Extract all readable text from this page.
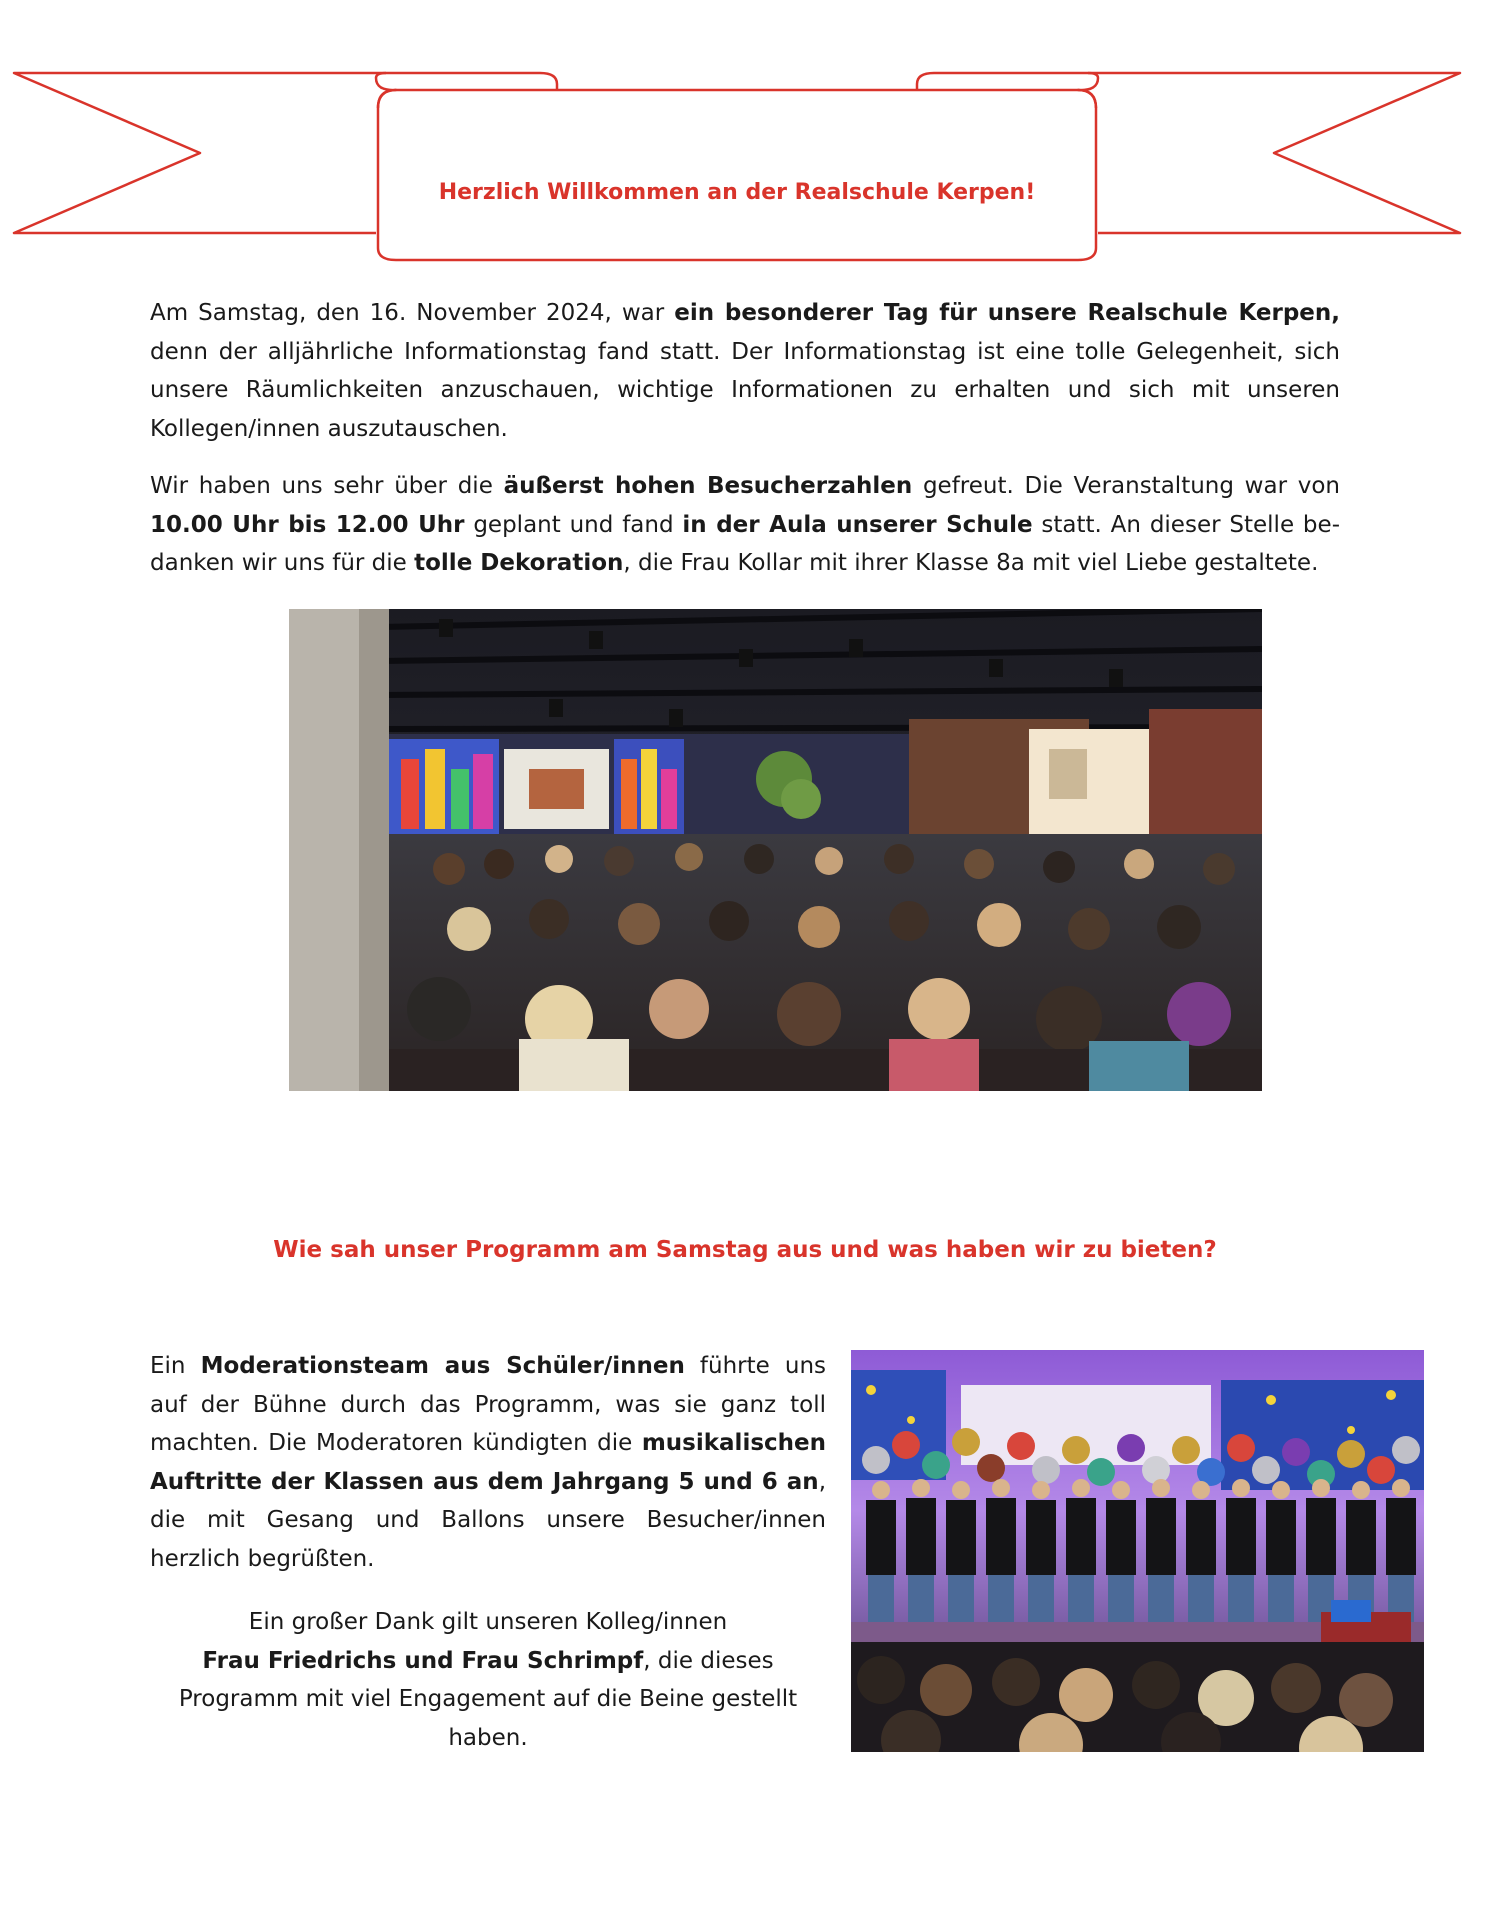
Herzlich Willkommen an der Realschule Kerpen!
Am Samstag, den 16. November 2024, war ein besonderer Tag für unsere Realschule Kerpen, denn der alljährliche Informationstag fand statt. Der Informationstag ist eine tolle Gelegenheit, sich unsere Räumlichkeiten anzuschauen, wichtige Informationen zu erhalten und sich mit unseren Kollegen/innen auszutauschen.
Wir haben uns sehr über die äußerst hohen Besucherzahlen gefreut. Die Veranstaltung war von 10.00 Uhr bis 12.00 Uhr geplant und fand in der Aula unserer Schule statt. An dieser Stelle bedanken wir uns für die tolle Dekoration, die Frau Kollar mit ihrer Klasse 8a mit viel Liebe gestaltete.
Wie sah unser Programm am Samstag aus und was haben wir zu bieten?
Ein Moderationsteam aus Schüler/innen führte uns auf der Bühne durch das Programm, was sie ganz toll machten. Die Moderatoren kündigten die musikalischen Auftritte der Klassen aus dem Jahrgang 5 und 6 an, die mit Gesang und Ballons unsere Besucher/innen herzlich begrüßten.
Ein großer Dank gilt unseren Kolleg/innen
Frau Friedrichs und Frau Schrimpf, die dieses Programm mit viel Engagement auf die Beine gestellt haben.
